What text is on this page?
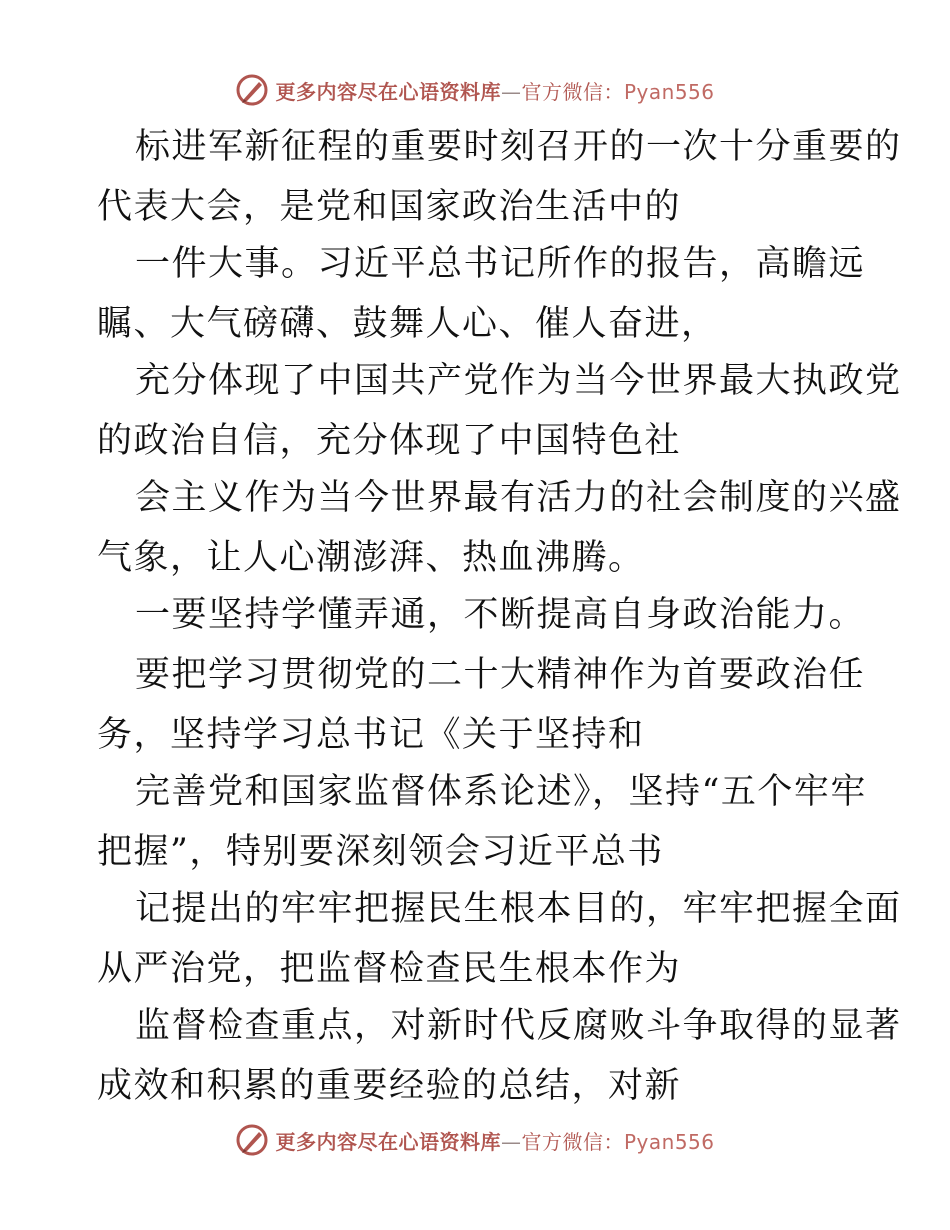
更多内容尽在心语资料库—官方微信：Pyan556
标进军新征程的重要时刻召开的一次十分重要的
代表大会，是党和国家政治生活中的
一件大事。习近平总书记所作的报告，高瞻远
瞩、大气磅礴、鼓舞人心、催人奋进，
充分体现了中国共产党作为当今世界最大执政党
的政治自信，充分体现了中国特色社
会主义作为当今世界最有活力的社会制度的兴盛
气象，让人心潮澎湃、热血沸腾。
一要坚持学懂弄通，不断提高自身政治能力。
要把学习贯彻党的二十大精神作为首要政治任
务，坚持学习总书记《关于坚持和
完善党和国家监督体系论述》，坚持“五个牢牢
把握”，特别要深刻领会习近平总书
记提出的牢牢把握民生根本目的，牢牢把握全面
从严治党，把监督检查民生根本作为
监督检查重点，对新时代反腐败斗争取得的显著
成效和积累的重要经验的总结，对新
更多内容尽在心语资料库—官方微信：Pyan556
